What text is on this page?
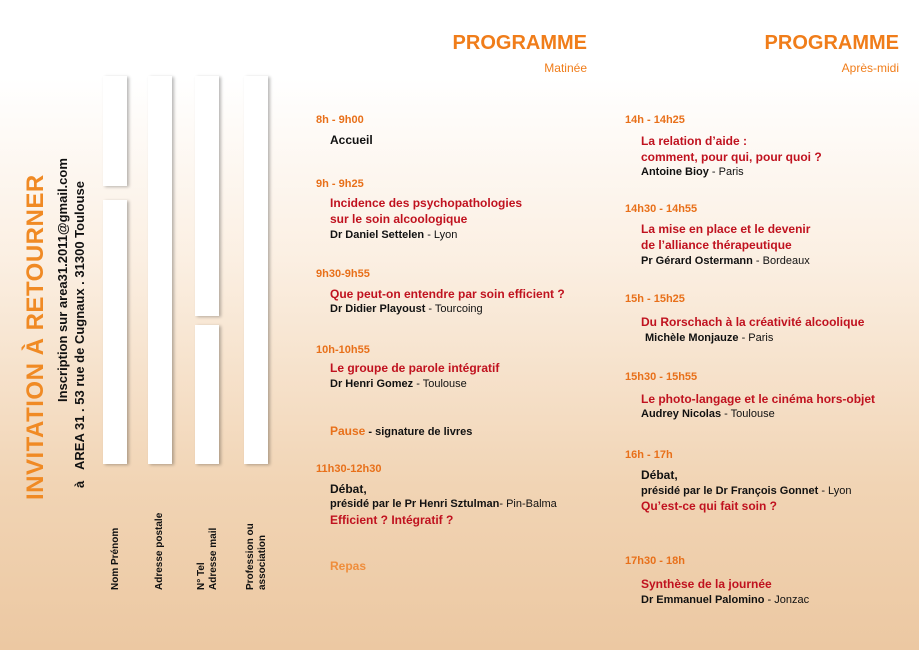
INVITATION À RETOURNER Inscription sur area31.2011@gmail.com
à
AREA 31 . 53 rue de Cugnaux . 31300 Toulouse
Nom Prénom	Adresse postale	N° Tel Adresse mail	Profession ou association
PROGRAMME
Matinée
8h - 9h00
Accueil
9h - 9h25
Incidence des psychopathologies
sur le soin alcoologique
Dr Daniel Settelen - Lyon
9h30-9h55
Que peut-on entendre par soin efficient ?
Dr Didier Playoust - Tourcoing
10h-10h55
Le groupe de parole intégratif
Dr Henri Gomez - Toulouse
Pause - signature de livres
11h30-12h30
Débat,
présidé par le Pr Henri Sztulman- Pin-Balma
Efficient ? Intégratif ?
Repas
PROGRAMME
Après-midi
14h - 14h25
La relation d’aide :
comment, pour qui, pour quoi ?
Antoine Bioy - Paris
14h30 - 14h55
La mise en place et le devenir
de l’alliance thérapeutique
Pr Gérard Ostermann - Bordeaux
15h - 15h25
Du Rorschach à la créativité alcoolique
Michèle Monjauze - Paris
15h30 - 15h55
Le photo-langage et le cinéma hors-objet
Audrey Nicolas - Toulouse
16h - 17h
Débat,
présidé par le Dr François Gonnet - Lyon
Qu’est-ce qui fait soin ?
17h30 - 18h
Synthèse de la journée
Dr Emmanuel Palomino - Jonzac
